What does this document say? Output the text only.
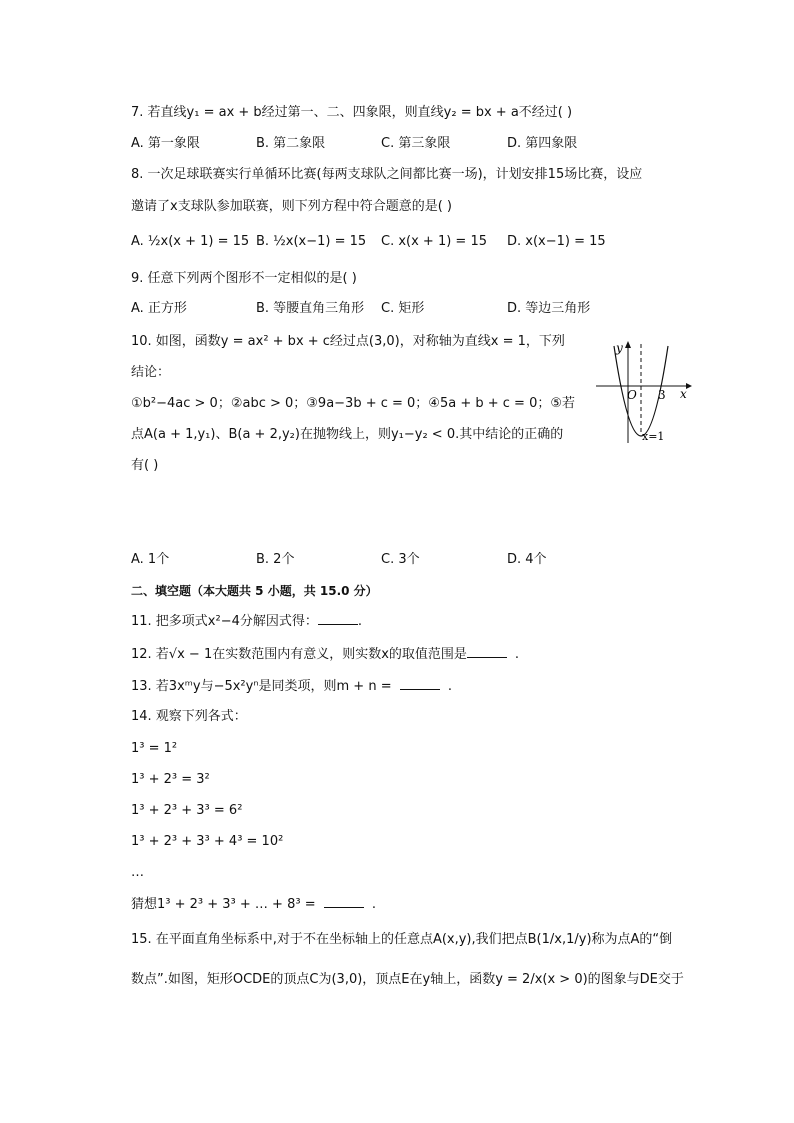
7. 若直线y₁ = ax + b经过第一、二、四象限，则直线y₂ = bx + a不经过( )
A. 第一象限	B. 第二象限	C. 第三象限	D. 第四象限
8. 一次足球联赛实行单循环比赛(每两支球队之间都比赛一场)，计划安排15场比赛，设应
邀请了x支球队参加联赛，则下列方程中符合题意的是( )
A. ½x(x + 1) = 15 B. ½x(x−1) = 15 C. x(x + 1) = 15 D. x(x−1) = 15
9. 任意下列两个图形不一定相似的是( )
A. 正方形	B. 等腰直角三角形 C. 矩形	D. 等边三角形
10. 如图，函数y = ax² + bx + c经过点(3,0)，对称轴为直线x = 1，下列
结论：
①b²−4ac > 0；②abc > 0；③9a−3b + c = 0；④5a + b + c = 0；⑤若
点A(a + 1,y₁)、B(a + 2,y₂)在抛物线上，则y₁−y₂ < 0.其中结论的正确的
有( )
y
x
O 3
x=1
A. 1个	B. 2个	C. 3个	D. 4个
二、填空题（本大题共 5 小题，共 15.0 分）
11. 把多项式x²−4分解因式得：	.
12. 若√x − 1在实数范围内有意义，则实数x的取值范围是	.
13. 若3xᵐy与−5x²yⁿ是同类项，则m + n =	.
14. 观察下列各式：
1³ = 1²
1³ + 2³ = 3²
1³ + 2³ + 3³ = 6²
1³ + 2³ + 3³ + 4³ = 10²
…
猜想1³ + 2³ + 3³ + … + 8³ =	.
15. 在平面直角坐标系中,对于不在坐标轴上的任意点A(x,y),我们把点B(1/x,1/y)称为点A的“倒
数点”.如图，矩形OCDE的顶点C为(3,0)，顶点E在y轴上，函数y = 2/x(x > 0)的图象与DE交于
